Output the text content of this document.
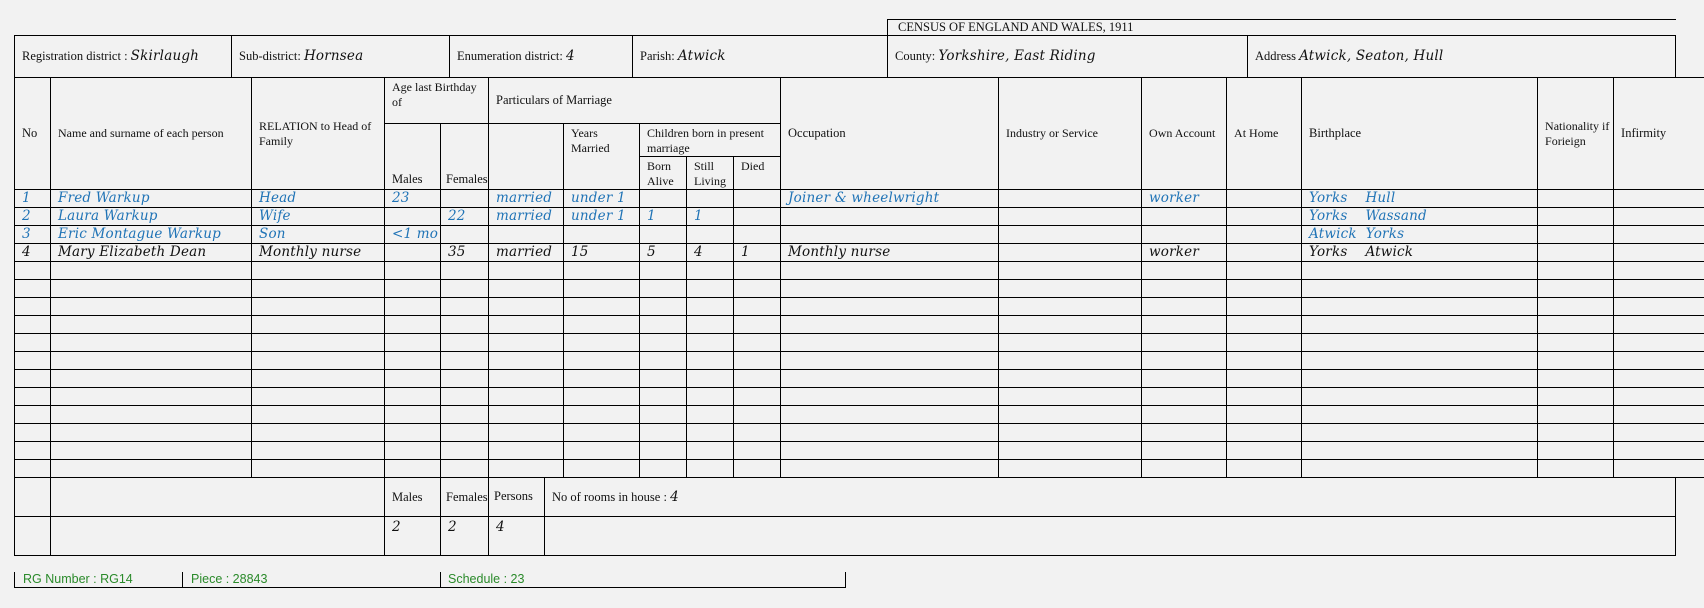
				CENSUS OF ENGLAND AND WALES, 1911	
Registration district : Skirlaugh	Sub-district: Hornsea	Enumeration district: 4	Parish: Atwick	County: Yorkshire, East Riding	Address Atwick, Seaton, Hull
No	Name and surname of each person	RELATION to Head of Family	Age last Birthday of		Particulars of Marriage					Occupation	Industry or Service	Own Account	At Home	Birthplace	Nationality if Forieign	Infirmity
			Males	Females		Years Married	Children born in present marriage									
							Born Alive	Still Living	Died							
1	Fred Warkup	Head	23		married	under 1				Joiner & wheelwright		worker		Yorks Hull		
2	Laura Warkup	Wife		22	married	under 1	1	1						Yorks Wassand		
3	Eric Montague Warkup	Son	<1 mo											Atwick Yorks		
4	Mary Elizabeth Dean	Monthly nurse		35	married	15	5	4	1	Monthly nurse		worker		Yorks Atwick		

		Males	Females	Persons	No of rooms in house : 4
		2	2	4	
RG Number : RG14	Piece : 28843	Schedule : 23
